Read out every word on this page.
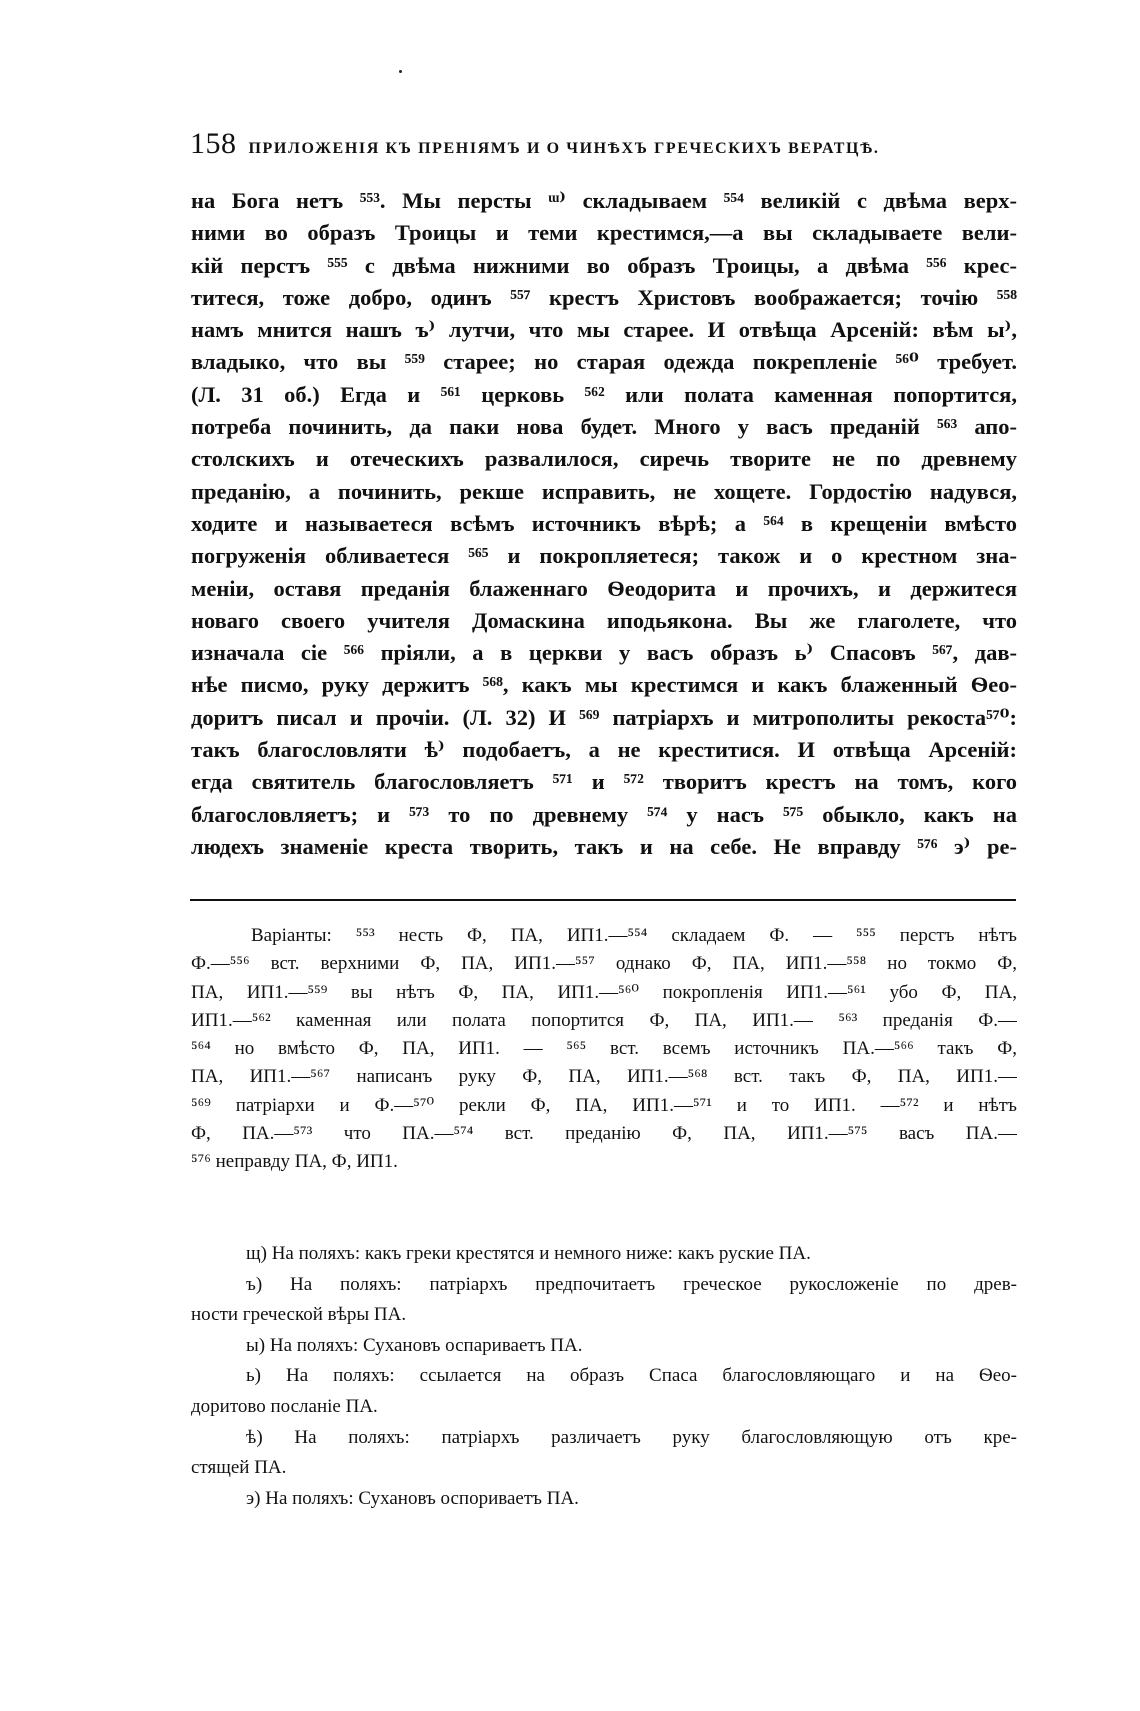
158 ПРИЛОЖЕНІЯ КЪ ПРЕНІЯМЪ И О ЧИНѢХЪ ГРЕЧЕСКИХЪ ВЕРАТЦѢ.
на Бога нетъ ⁵⁵³. Мы персты ᵚ⁾ складываем ⁵⁵⁴ великій с двѣма верх-
ними во образъ Троицы и теми крестимся,—а вы складываете вели-
кій перстъ ⁵⁵⁵ с двѣма нижними во образъ Троицы, а двѣма ⁵⁵⁶ крес-
титеся, тоже добро, одинъ ⁵⁵⁷ крестъ Христовъ воображается; точію ⁵⁵⁸
намъ мнится нашъ ъ⁾ лутчи, что мы старее. И отвѣща Арсеній: вѣм ы⁾,
владыко, что вы ⁵⁵⁹ старее; но старая одежда покрепленіе ⁵⁶⁰ требует.
(Л. 31 об.) Егда и ⁵⁶¹ церковь ⁵⁶² или полата каменная попортится,
потреба починить, да паки нова будет. Много у васъ преданій ⁵⁶³ апо-
столскихъ и отеческихъ развалилося, сиречь творите не по древнему
преданію, а починить, рекше исправить, не хощете. Гордостію надувся,
ходите и называетеся всѣмъ источникъ вѣрѣ; а ⁵⁶⁴ в крещеніи вмѣсто
погруженія обливаетеся ⁵⁶⁵ и покропляетеся; також и о крестном зна-
меніи, оставя преданія блаженнаго Ѳеодорита и прочихъ, и держитеся
новаго своего учителя Домаскина иподьякона. Вы же глаголете, что
изначала сіе ⁵⁶⁶ пріяли, а в церкви у васъ образъ ь⁾ Спасовъ ⁵⁶⁷, дав-
нѣе писмо, руку держитъ ⁵⁶⁸, какъ мы крестимся и какъ блаженный Ѳео-
доритъ писал и прочіи. (Л. 32) И ⁵⁶⁹ патріархъ и митрополиты рекоста⁵⁷⁰:
такъ благословляти ѣ⁾ подобаетъ, а не креститися. И отвѣща Арсеній:
егда святитель благословляетъ ⁵⁷¹ и ⁵⁷² творитъ крестъ на томъ, кого
благословляетъ; и ⁵⁷³ то по древнему ⁵⁷⁴ у насъ ⁵⁷⁵ обыкло, какъ на
людехъ знаменіе креста творить, такъ и на себе. Не вправду ⁵⁷⁶ э⁾ ре-
Варіанты: ⁵⁵³ несть Ф, ПА, ИП1.—⁵⁵⁴ складаем Ф. — ⁵⁵⁵ перстъ нѣтъ
Ф.—⁵⁵⁶ вст. верхними Ф, ПА, ИП1.—⁵⁵⁷ однако Ф, ПА, ИП1.—⁵⁵⁸ но токмо Ф,
ПА, ИП1.—⁵⁵⁹ вы нѣтъ Ф, ПА, ИП1.—⁵⁶⁰ покропленія ИП1.—⁵⁶¹ убо Ф, ПА,
ИП1.—⁵⁶² каменная или полата попортится Ф, ПА, ИП1.— ⁵⁶³ преданія Ф.—
⁵⁶⁴ но вмѣсто Ф, ПА, ИП1. — ⁵⁶⁵ вст. всемъ источникъ ПА.—⁵⁶⁶ такъ Ф,
ПА, ИП1.—⁵⁶⁷ написанъ руку Ф, ПА, ИП1.—⁵⁶⁸ вст. такъ Ф, ПА, ИП1.—
⁵⁶⁹ патріархи и Ф.—⁵⁷⁰ рекли Ф, ПА, ИП1.—⁵⁷¹ и то ИП1. —⁵⁷² и нѣтъ
Ф, ПА.—⁵⁷³ что ПА.—⁵⁷⁴ вст. преданію Ф, ПА, ИП1.—⁵⁷⁵ васъ ПА.—
⁵⁷⁶ неправду ПА, Ф, ИП1.
щ) На поляхъ: какъ греки крестятся и немного ниже: какъ руские ПА.
ъ) На поляхъ: патріархъ предпочитаетъ греческое рукосложеніе по древ-
ности греческой вѣры ПА.
ы) На поляхъ: Сухановъ оспариваетъ ПА.
ь) На поляхъ: ссылается на образъ Спаса благословляющаго и на Ѳео-
доритово посланіе ПА.
ѣ) На поляхъ: патріархъ различаетъ руку благословляющую отъ кре-
стящей ПА.
э) На поляхъ: Сухановъ оспориваетъ ПА.
